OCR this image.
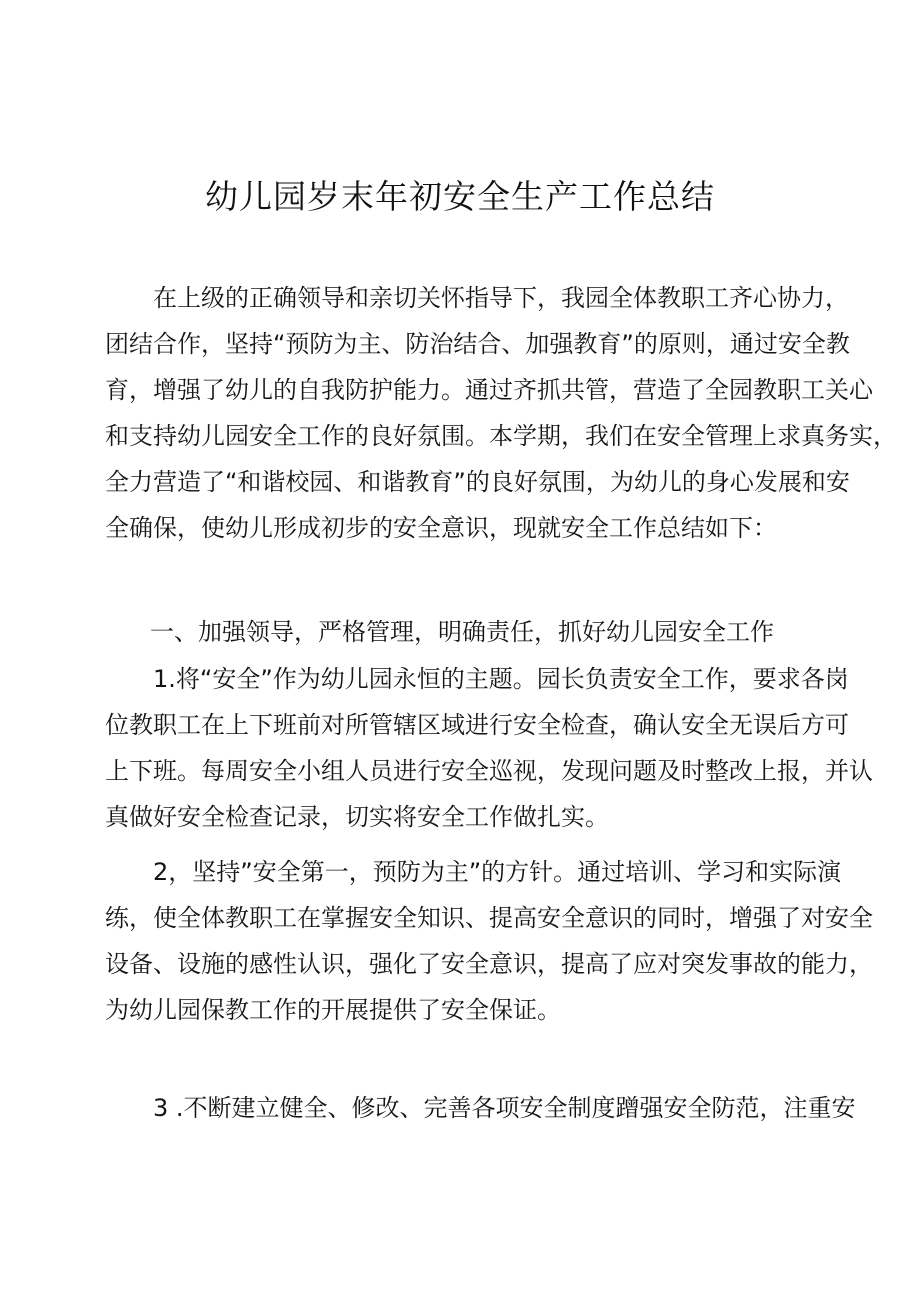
幼儿园岁末年初安全生产工作总结
在上级的正确领导和亲切关怀指导下，我园全体教职工齐心协力，
团结合作，坚持“预防为主、防治结合、加强教育”的原则，通过安全教
育，增强了幼儿的自我防护能力。通过齐抓共管，营造了全园教职工关心
和支持幼儿园安全工作的良好氛围。本学期，我们在安全管理上求真务实，
全力营造了“和谐校园、和谐教育”的良好氛围，为幼儿的身心发展和安
全确保，使幼儿形成初步的安全意识，现就安全工作总结如下：
一、加强领导，严格管理，明确责任，抓好幼儿园安全工作
1.将“安全”作为幼儿园永恒的主题。园长负责安全工作，要求各岗
位教职工在上下班前对所管辖区域进行安全检查，确认安全无误后方可
上下班。每周安全小组人员进行安全巡视，发现问题及时整改上报，并认
真做好安全检查记录，切实将安全工作做扎实。
2，坚持”安全第一，预防为主”的方针。通过培训、学习和实际演
练，使全体教职工在掌握安全知识、提高安全意识的同时，增强了对安全
设备、设施的感性认识，强化了安全意识，提高了应对突发事故的能力，
为幼儿园保教工作的开展提供了安全保证。
3 .不断建立健全、修改、完善各项安全制度蹭强安全防范，注重安
